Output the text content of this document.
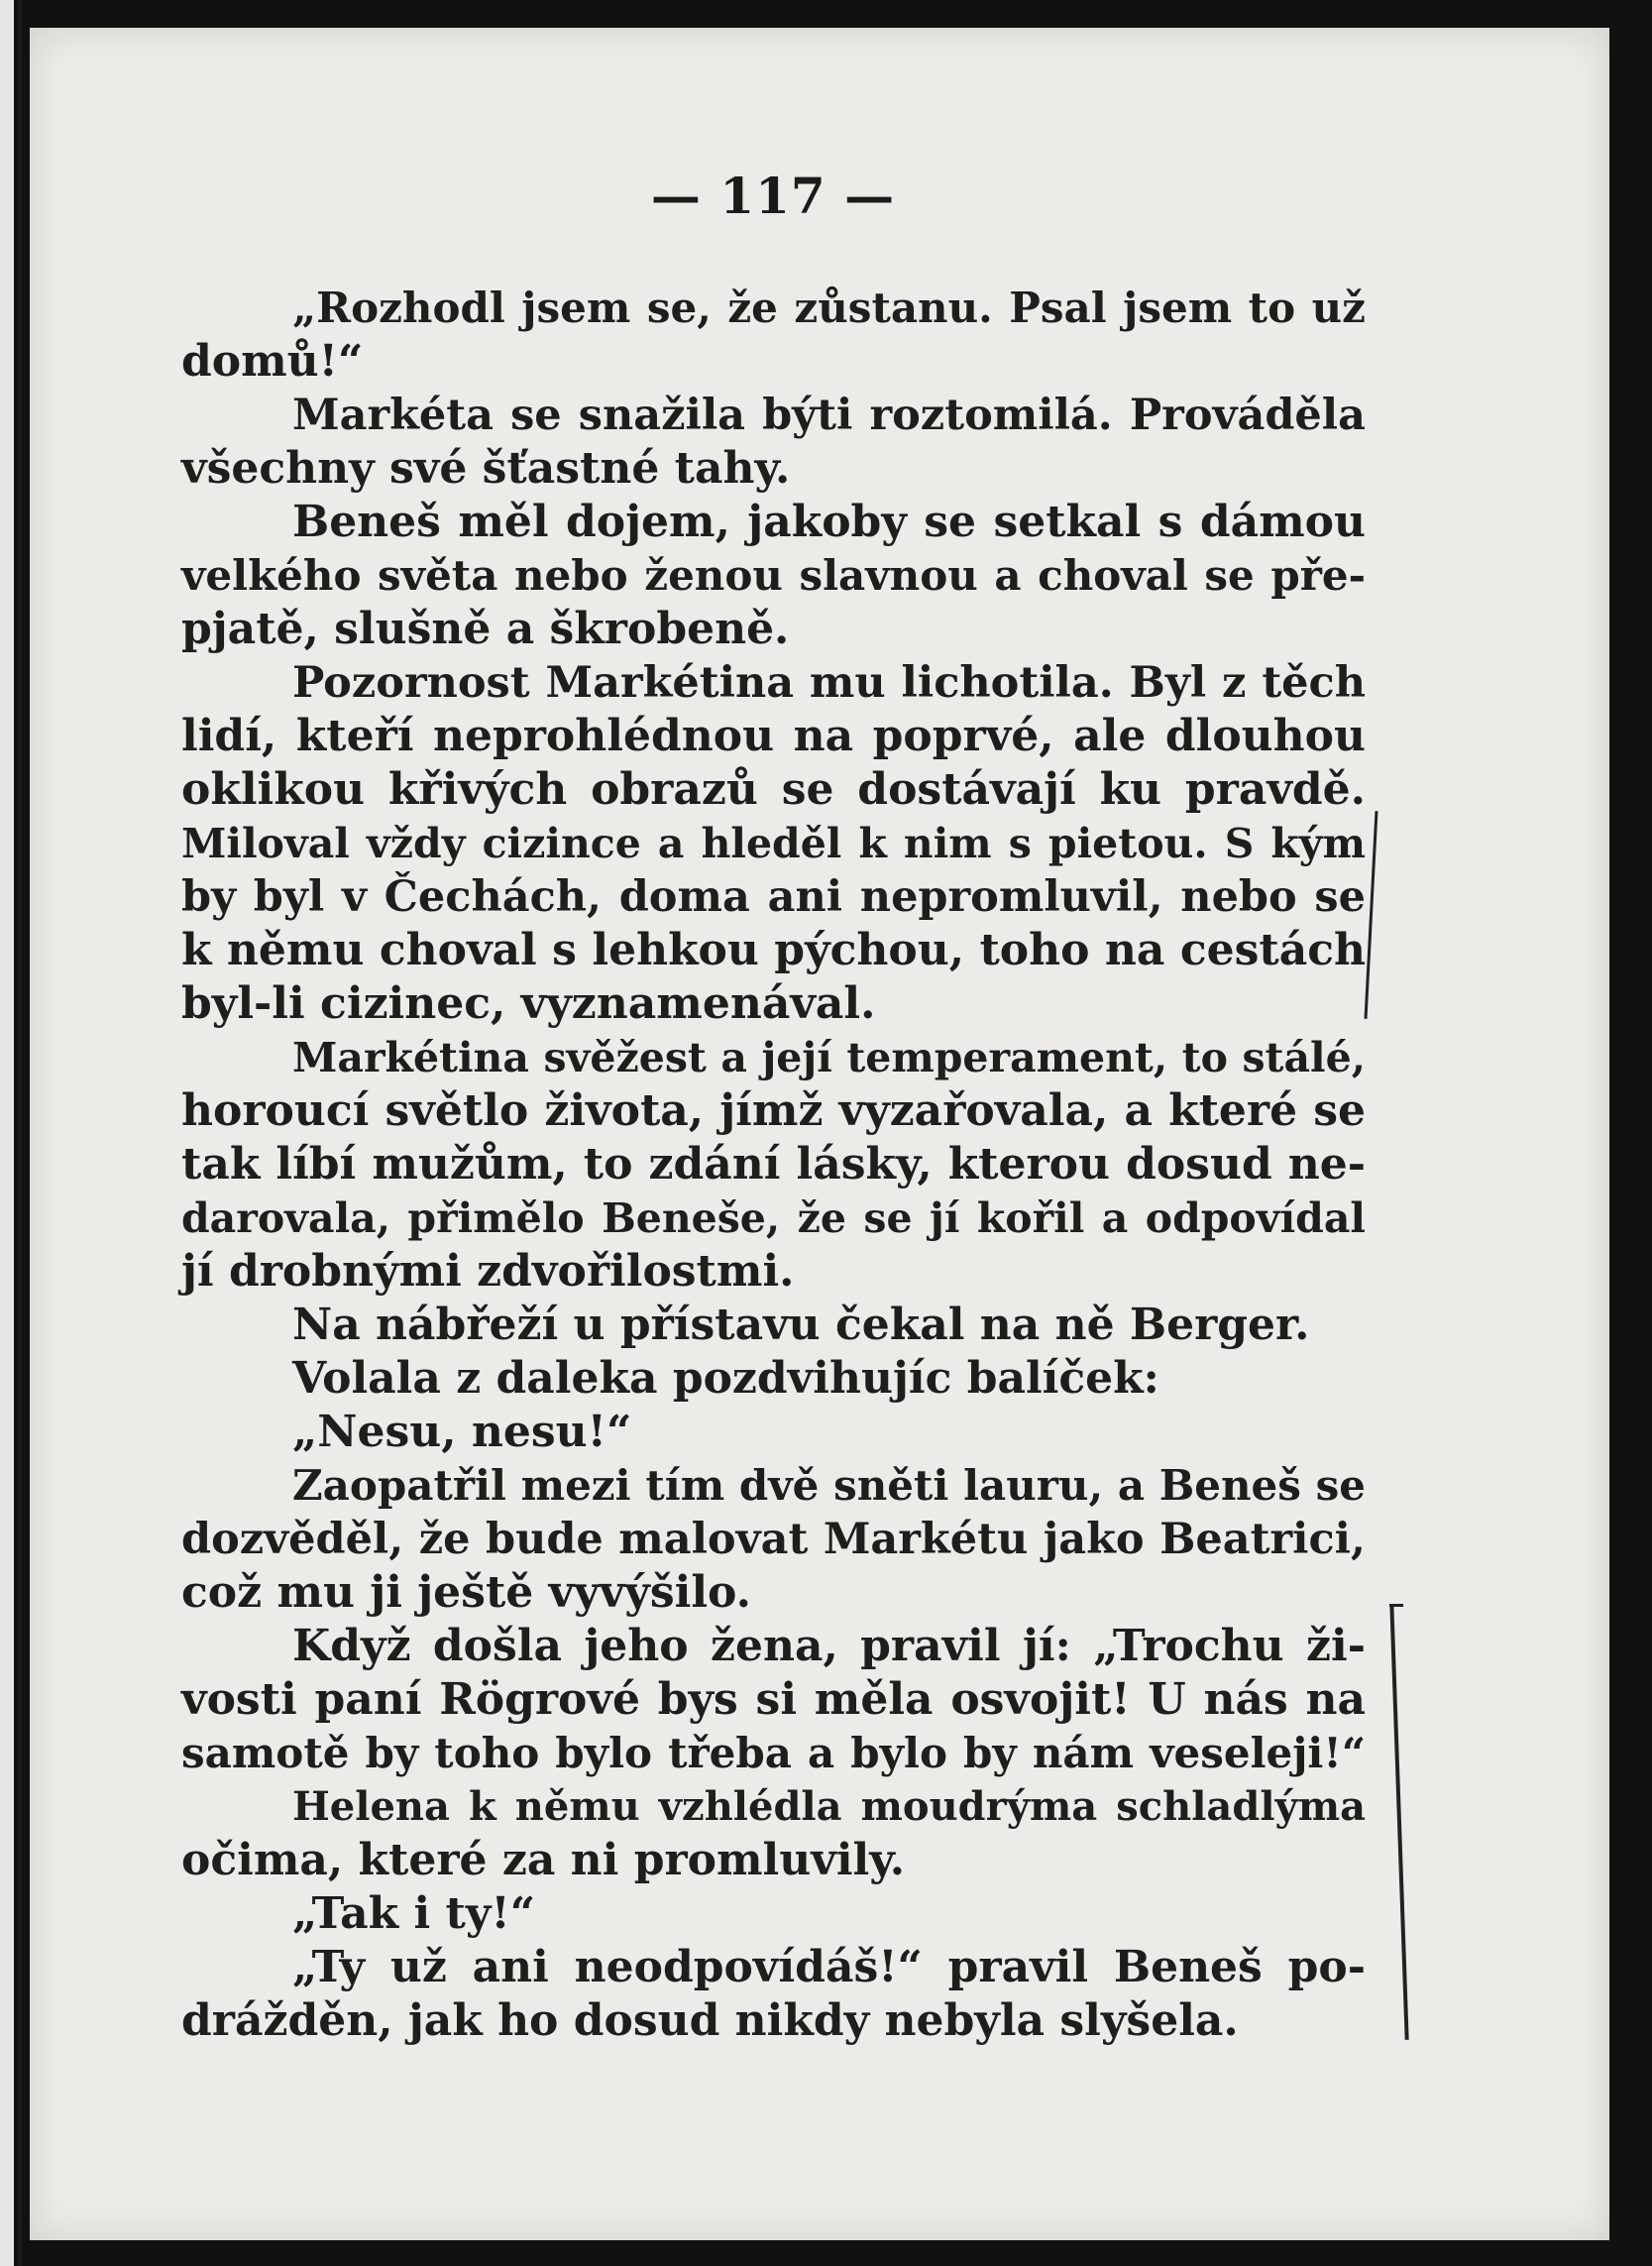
— 117 —
„Rozhodl jsem se, že zůstanu. Psal jsem to už
domů!“
Markéta se snažila býti roztomilá. Prováděla
všechny své šťastné tahy.
Beneš měl dojem, jakoby se setkal s dámou
velkého světa nebo ženou slavnou a choval se pře-
pjatě, slušně a škrobeně.
Pozornost Markétina mu lichotila. Byl z těch
lidí, kteří neprohlédnou na poprvé, ale dlouhou
oklikou křivých obrazů se dostávají ku pravdě.
Miloval vždy cizince a hleděl k nim s pietou. S kým
by byl v Čechách, doma ani nepromluvil, nebo se
k němu choval s lehkou pýchou, toho na cestách
byl-li cizinec, vyznamenával.
Markétina svěžest a její temperament, to stálé,
horoucí světlo života, jímž vyzařovala, a které se
tak líbí mužům, to zdání lásky, kterou dosud ne-
darovala, přimělo Beneše, že se jí kořil a odpovídal
jí drobnými zdvořilostmi.
Na nábřeží u přístavu čekal na ně Berger.
Volala z daleka pozdvihujíc balíček:
„Nesu, nesu!“
Zaopatřil mezi tím dvě sněti lauru, a Beneš se
dozvěděl, že bude malovat Markétu jako Beatrici,
což mu ji ještě vyvýšilo.
Když došla jeho žena, pravil jí: „Trochu ži-
vosti paní Rögrové bys si měla osvojit! U nás na
samotě by toho bylo třeba a bylo by nám veseleji!“
Helena k němu vzhlédla moudrýma schladlýma
očima, které za ni promluvily.
„Tak i ty!“
„Ty už ani neodpovídáš!“ pravil Beneš po-
drážděn, jak ho dosud nikdy nebyla slyšela.
